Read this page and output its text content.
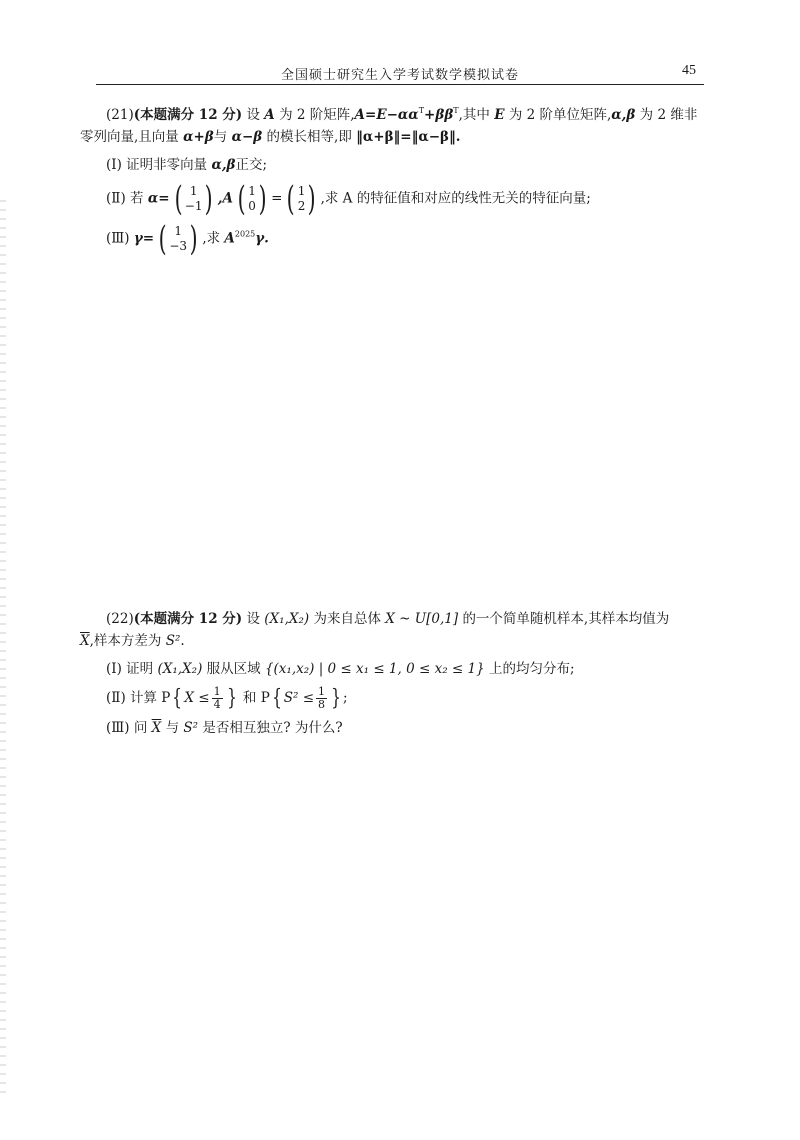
全国硕士研究生入学考试数学模拟试卷	45
(21)(本题满分 12 分) 设 A 为 2 阶矩阵$,A=E-\alpha\alpha^T+\beta\beta^T$,其中 E 为 2 阶单位矩阵,α,β 为 2 维非
零列向量,且向量 α+β与 α−β 的模长相等,即 ‖α+β‖=‖α−β‖.
(Ⅰ) 证明非零向量 α,β正交;
(Ⅱ) 若 α= ( 1
−1 ) ,A ( 1
0 ) = ( 1
2 ) ,求 A 的特征值和对应的线性无关的特征向量;
(Ⅲ) γ= ( 1
−3 ) ,求 $A^{2025}\gamma$.
(22)(本题满分 12 分) 设 (X₁,X₂) 为来自总体 X ~ U[0,1] 的一个简单随机样本,其样本均值为
$\overline{X}$,样本方差为 S².
(Ⅰ) 证明 (X₁,X₂) 服从区域 {(x₁,x₂) | 0 ≤ x₁ ≤ 1, 0 ≤ x₂ ≤ 1} 上的均匀分布;
(Ⅱ) 计算 P{ $X \le \frac{1}{4}$ } 和 P{ $S^2 \le \frac{1}{8}$ } ;
(Ⅲ) 问 $\overline{X}$ 与 S² 是否相互独立? 为什么?
